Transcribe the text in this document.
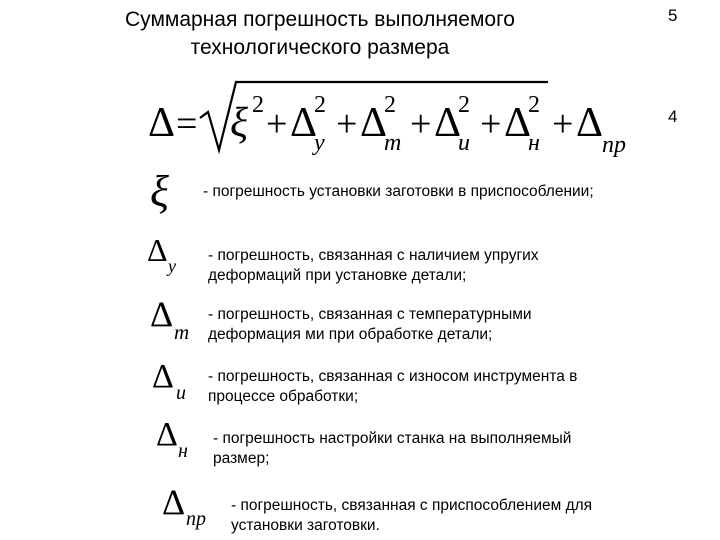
Суммарная погрешность выполняемого
технологического размера
5
4
Δ = ξ 2 + Δ
2
y + Δ
2
m + Δ
2
u + Δ
2
н + Δ
пр
ξ - погрешность установки заготовки в приспособлении;
Δ y
- погрешность, связанная с наличием упругих
деформаций при установке детали;
Δ m
- погрешность, связанная с температурными
деформация ми при обработке детали;
Δ u
- погрешность, связанная с износом инструмента в
процессе обработки;
Δ н
- погрешность настройки станка на выполняемый
размер;
Δ пр
- погрешность, связанная с приспособлением для
установки заготовки.
